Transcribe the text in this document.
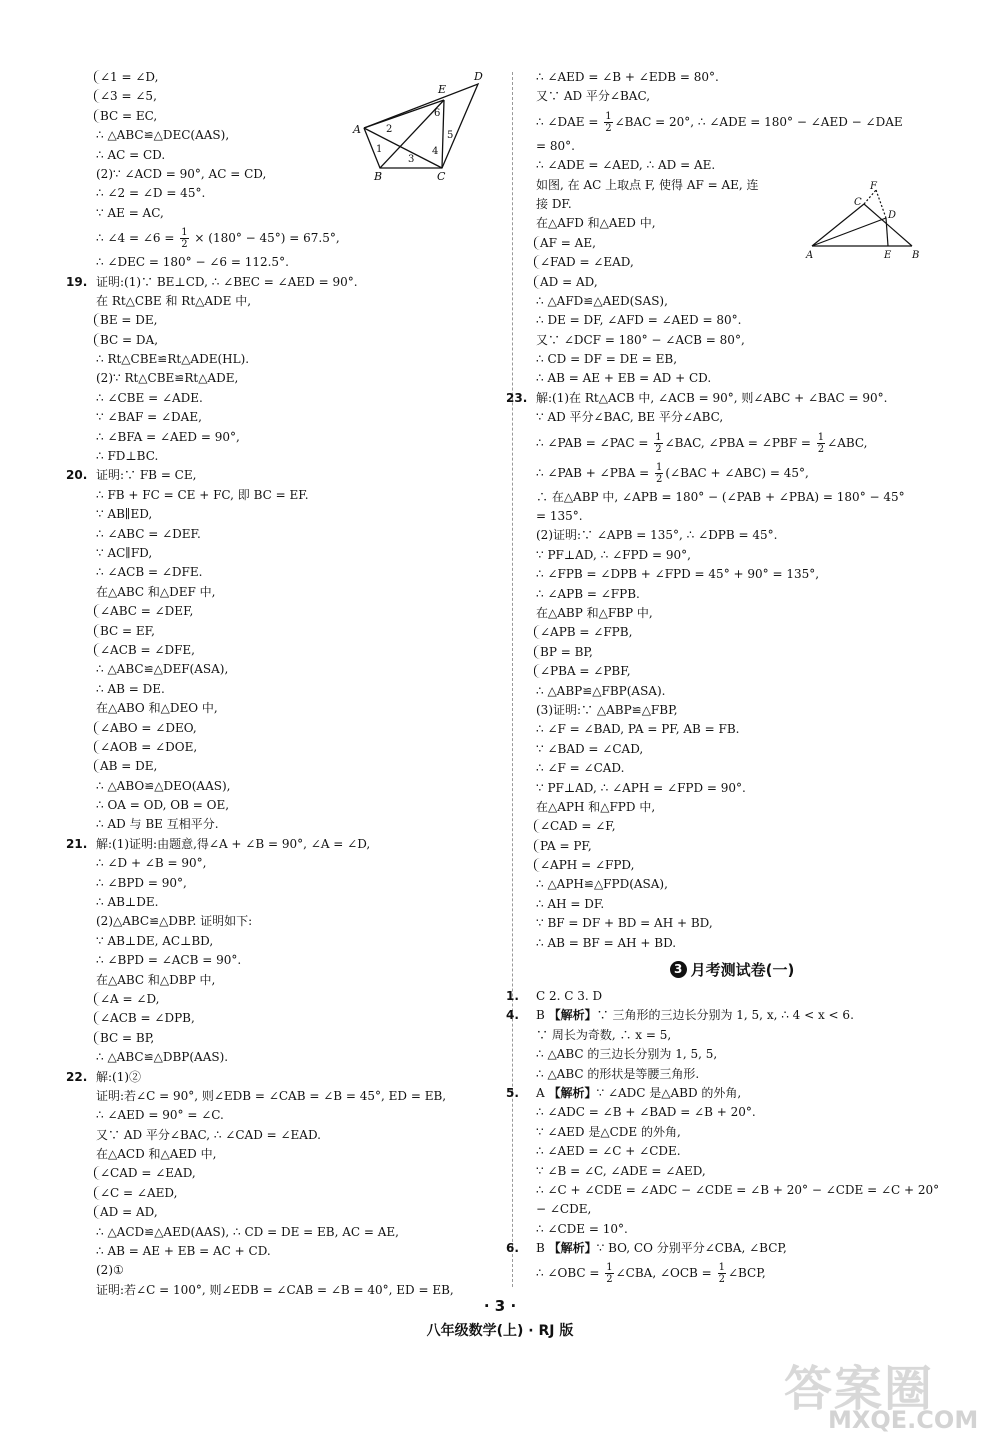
∠1 = ∠D,
∠3 = ∠5,
BC = EC,
∴ △ABC≌△DEC(AAS),
∴ AC = CD.
(2)∵ ∠ACD = 90°, AC = CD,
∴ ∠2 = ∠D = 45°.
∵ AE = AC,
∴ ∠4 = ∠6 = $\frac{1}{2} \times (180^\circ - 45^\circ) = 67.5^\circ$,
∴ ∠DEC = 180° − ∠6 = 112.5°.
19. 证明:(1)∵ BE⊥CD, ∴ ∠BEC = ∠AED = 90°.
在 Rt△CBE 和 Rt△ADE 中,
BE = DE,
BC = DA,
∴ Rt△CBE≌Rt△ADE(HL).
(2)∵ Rt△CBE≌Rt△ADE,
∴ ∠CBE = ∠ADE.
∵ ∠BAF = ∠DAE,
∴ ∠BFA = ∠AED = 90°,
∴ FD⊥BC.
20. 证明:∵ FB = CE,
∴ FB + FC = CE + FC, 即 BC = EF.
∵ AB∥ED,
∴ ∠ABC = ∠DEF.
∵ AC∥FD,
∴ ∠ACB = ∠DFE.
在△ABC 和△DEF 中,
∠ABC = ∠DEF,
BC = EF,
∠ACB = ∠DFE,
∴ △ABC≌△DEF(ASA),
∴ AB = DE.
在△ABO 和△DEO 中,
∠ABO = ∠DEO,
∠AOB = ∠DOE,
AB = DE,
∴ △ABO≌△DEO(AAS),
∴ OA = OD, OB = OE,
∴ AD 与 BE 互相平分.
21. 解:(1)证明:由题意,得∠A + ∠B = 90°, ∠A = ∠D,
∴ ∠D + ∠B = 90°,
∴ ∠BPD = 90°,
∴ AB⊥DE.
(2)△ABC≌△DBP. 证明如下:
∵ AB⊥DE, AC⊥BD,
∴ ∠BPD = ∠ACB = 90°.
在△ABC 和△DBP 中,
∠A = ∠D,
∠ACB = ∠DPB,
BC = BP,
∴ △ABC≌△DBP(AAS).
22. 解:(1)②
证明:若∠C = 90°, 则∠EDB = ∠CAB = ∠B = 45°, ED = EB,
∴ ∠AED = 90° = ∠C.
又∵ AD 平分∠BAC, ∴ ∠CAD = ∠EAD.
在△ACD 和△AED 中,
∠CAD = ∠EAD,
∠C = ∠AED,
AD = AD,
∴ △ACD≌△AED(AAS), ∴ CD = DE = EB, AC = AE,
∴ AB = AE + EB = AC + CD.
(2)①
证明:若∠C = 100°, 则∠EDB = ∠CAB = ∠B = 40°, ED = EB,
∴ ∠AED = ∠B + ∠EDB = 80°.
又∵ AD 平分∠BAC,
∴ ∠DAE = $\frac{1}{2}$ ∠BAC = 20°, ∴ ∠ADE = 180° − ∠AED − ∠DAE
= 80°.
∴ ∠ADE = ∠AED, ∴ AD = AE.
如图, 在 AC 上取点 F, 使得 AF = AE, 连
接 DF.
在△AFD 和△AED 中,
AF = AE,
∠FAD = ∠EAD,
AD = AD,
∴ △AFD≌△AED(SAS),
∴ DE = DF, ∠AFD = ∠AED = 80°.
又∵ ∠DCF = 180° − ∠ACB = 80°,
∴ CD = DF = DE = EB,
∴ AB = AE + EB = AD + CD.
23. 解:(1)在 Rt△ACB 中, ∠ACB = 90°, 则∠ABC + ∠BAC = 90°.
∵ AD 平分∠BAC, BE 平分∠ABC,
∴ ∠PAB = ∠PAC = $\frac{1}{2}$ ∠BAC, ∠PBA = ∠PBF = $\frac{1}{2}$ ∠ABC,
∴ ∠PAB + ∠PBA = $\frac{1}{2}$ (∠BAC + ∠ABC) = 45°,
∴ 在△ABP 中, ∠APB = 180° − (∠PAB + ∠PBA) = 180° − 45°
= 135°.
(2)证明:∵ ∠APB = 135°, ∴ ∠DPB = 45°.
∵ PF⊥AD, ∴ ∠FPD = 90°,
∴ ∠FPB = ∠DPB + ∠FPD = 45° + 90° = 135°,
∴ ∠APB = ∠FPB.
在△ABP 和△FBP 中,
∠APB = ∠FPB,
BP = BP,
∠PBA = ∠PBF,
∴ △ABP≌△FBP(ASA).
(3)证明:∵ △ABP≌△FBP,
∴ ∠F = ∠BAD, PA = PF, AB = FB.
∵ ∠BAD = ∠CAD,
∴ ∠F = ∠CAD.
∵ PF⊥AD, ∴ ∠APH = ∠FPD = 90°.
在△APH 和△FPD 中,
∠CAD = ∠F,
PA = PF,
∠APH = ∠FPD,
∴ △APH≌△FPD(ASA),
∴ AH = DF.
∵ BF = DF + BD = AH + BD,
∴ AB = BF = AH + BD.
3 月考测试卷(一)
1. C 2. C 3. D
4. B 【解析】∵ 三角形的三边长分别为 1, 5, x, ∴ 4 < x < 6.
∵ 周长为奇数, ∴ x = 5,
∴ △ABC 的三边长分别为 1, 5, 5,
∴ △ABC 的形状是等腰三角形.
5. A 【解析】∵ ∠ADC 是△ABD 的外角,
∴ ∠ADC = ∠B + ∠BAD = ∠B + 20°.
∵ ∠AED 是△CDE 的外角,
∴ ∠AED = ∠C + ∠CDE.
∵ ∠B = ∠C, ∠ADE = ∠AED,
∴ ∠C + ∠CDE = ∠ADC − ∠CDE = ∠B + 20° − ∠CDE = ∠C + 20°
− ∠CDE,
∴ ∠CDE = 10°.
6. B 【解析】∵ BO, CO 分别平分∠CBA, ∠BCP,
∴ ∠OBC = $\frac{1}{2}$ ∠CBA, ∠OCB = $\frac{1}{2}$ ∠BCP,
A
B	C
D
E
1
2
3
4
5
6
F
C
D
A	E B
· 3 ·
八年级数学(上) · RJ 版
答案圈
MXQE.COM
